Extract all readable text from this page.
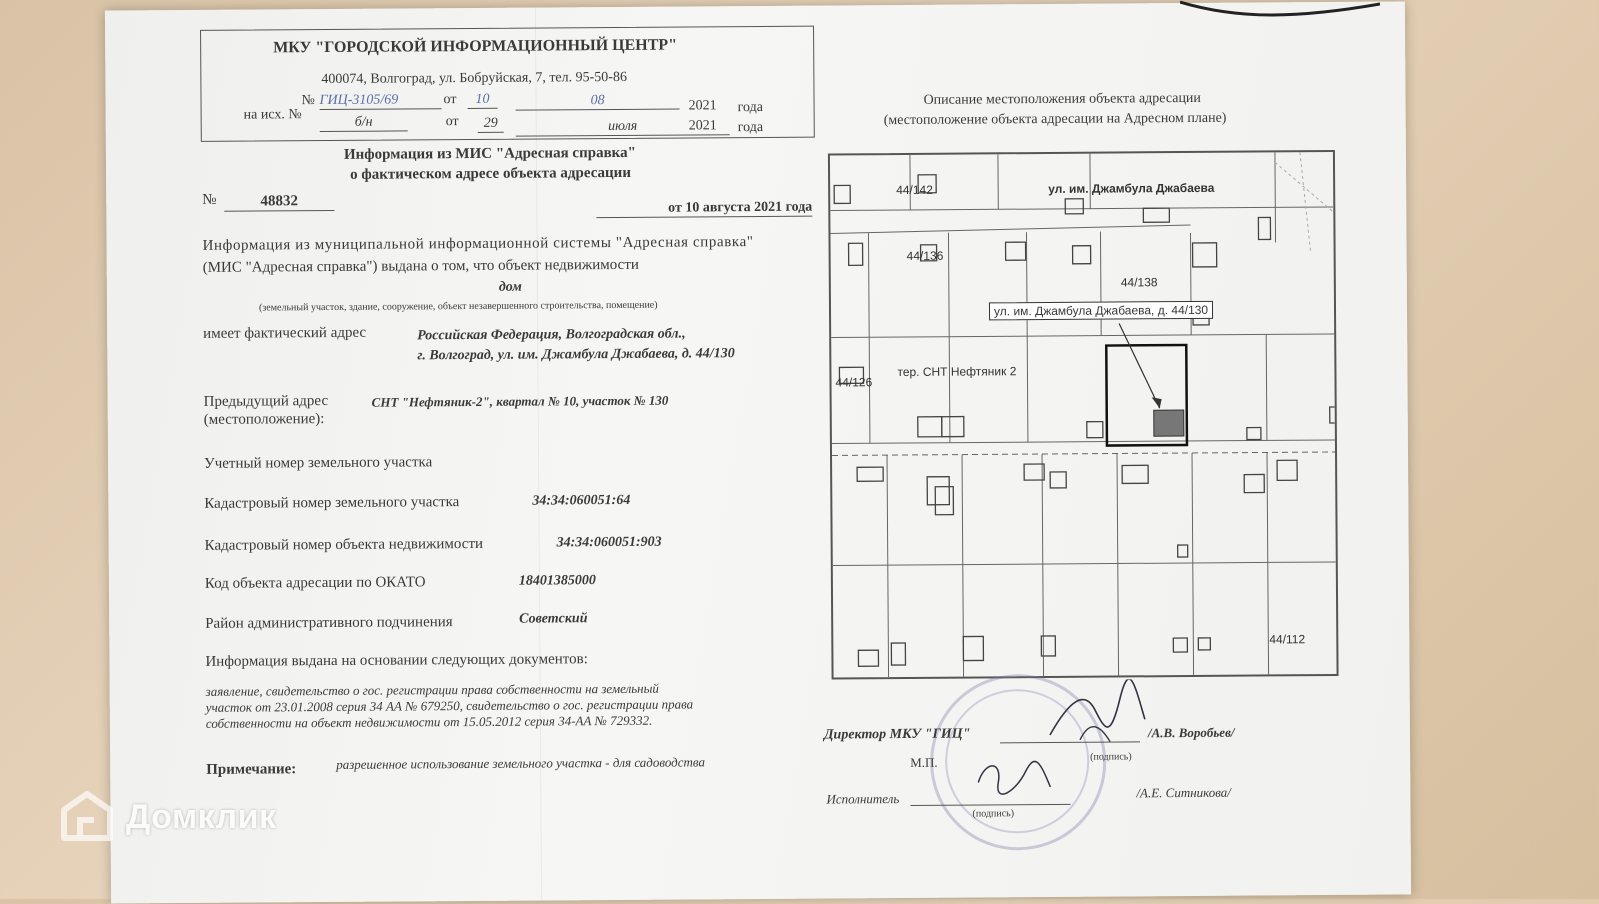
МКУ "ГОРОДСКОЙ ИНФОРМАЦИОННЫЙ ЦЕНТР"
400074, Волгоград, ул. Бобруйская, 7, тел. 95-50-86
№ ГИЦ-3105/69	от	10	08	2021 года
на исх. №	б/н	от	29	июля	2021 года
Информация из МИС "Адресная справка"
о фактическом адресе объекта адресации
№	48832	от 10 августа 2021 года
Информация из муниципальной информационной системы "Адресная справка"
(МИС "Адресная справка") выдана о том, что объект недвижимости
дом
(земельный участок, здание, сооружение, объект незавершенного строительства, помещение)
имеет фактический адрес	Российская Федерация, Волгоградская обл.,
г. Волгоград, ул. им. Джамбула Джабаева, д. 44/130
Предыдущий адрес
(местоположение):
СНТ "Нефтяник-2", квартал № 10, участок № 130
Учетный номер земельного участка
Кадастровый номер земельного участка	34:34:060051:64
Кадастровый номер объекта недвижимости	34:34:060051:903
Код объекта адресации по ОКАТО	18401385000
Район административного подчинения	Советский
Информация выдана на основании следующих документов:
заявление, свидетельство о гос. регистрации права собственности на земельный
участок от 23.01.2008 серия 34 АА № 679250, свидетельство о гос. регистрации права
собственности на объект недвижимости от 15.05.2012 серия 34-АА № 729332.
Примечание:	разрешенное использование земельного участка - для садоводства
Описание местоположения объекта адресации
(местоположение объекта адресации на Адресном плане)
44/142	ул. им. Джамбула Джабаева
44/136
44/138
44/126
тер. СНТ Нефтяник 2
44/112
ул. им. Джамбула Джабаева, д. 44/130
Директор МКУ "ГИЦ"	/А.В. Воробьев/
(подпись)
М.П.
Исполнитель	/А.Е. Ситникова/
(подпись)
Домклик
